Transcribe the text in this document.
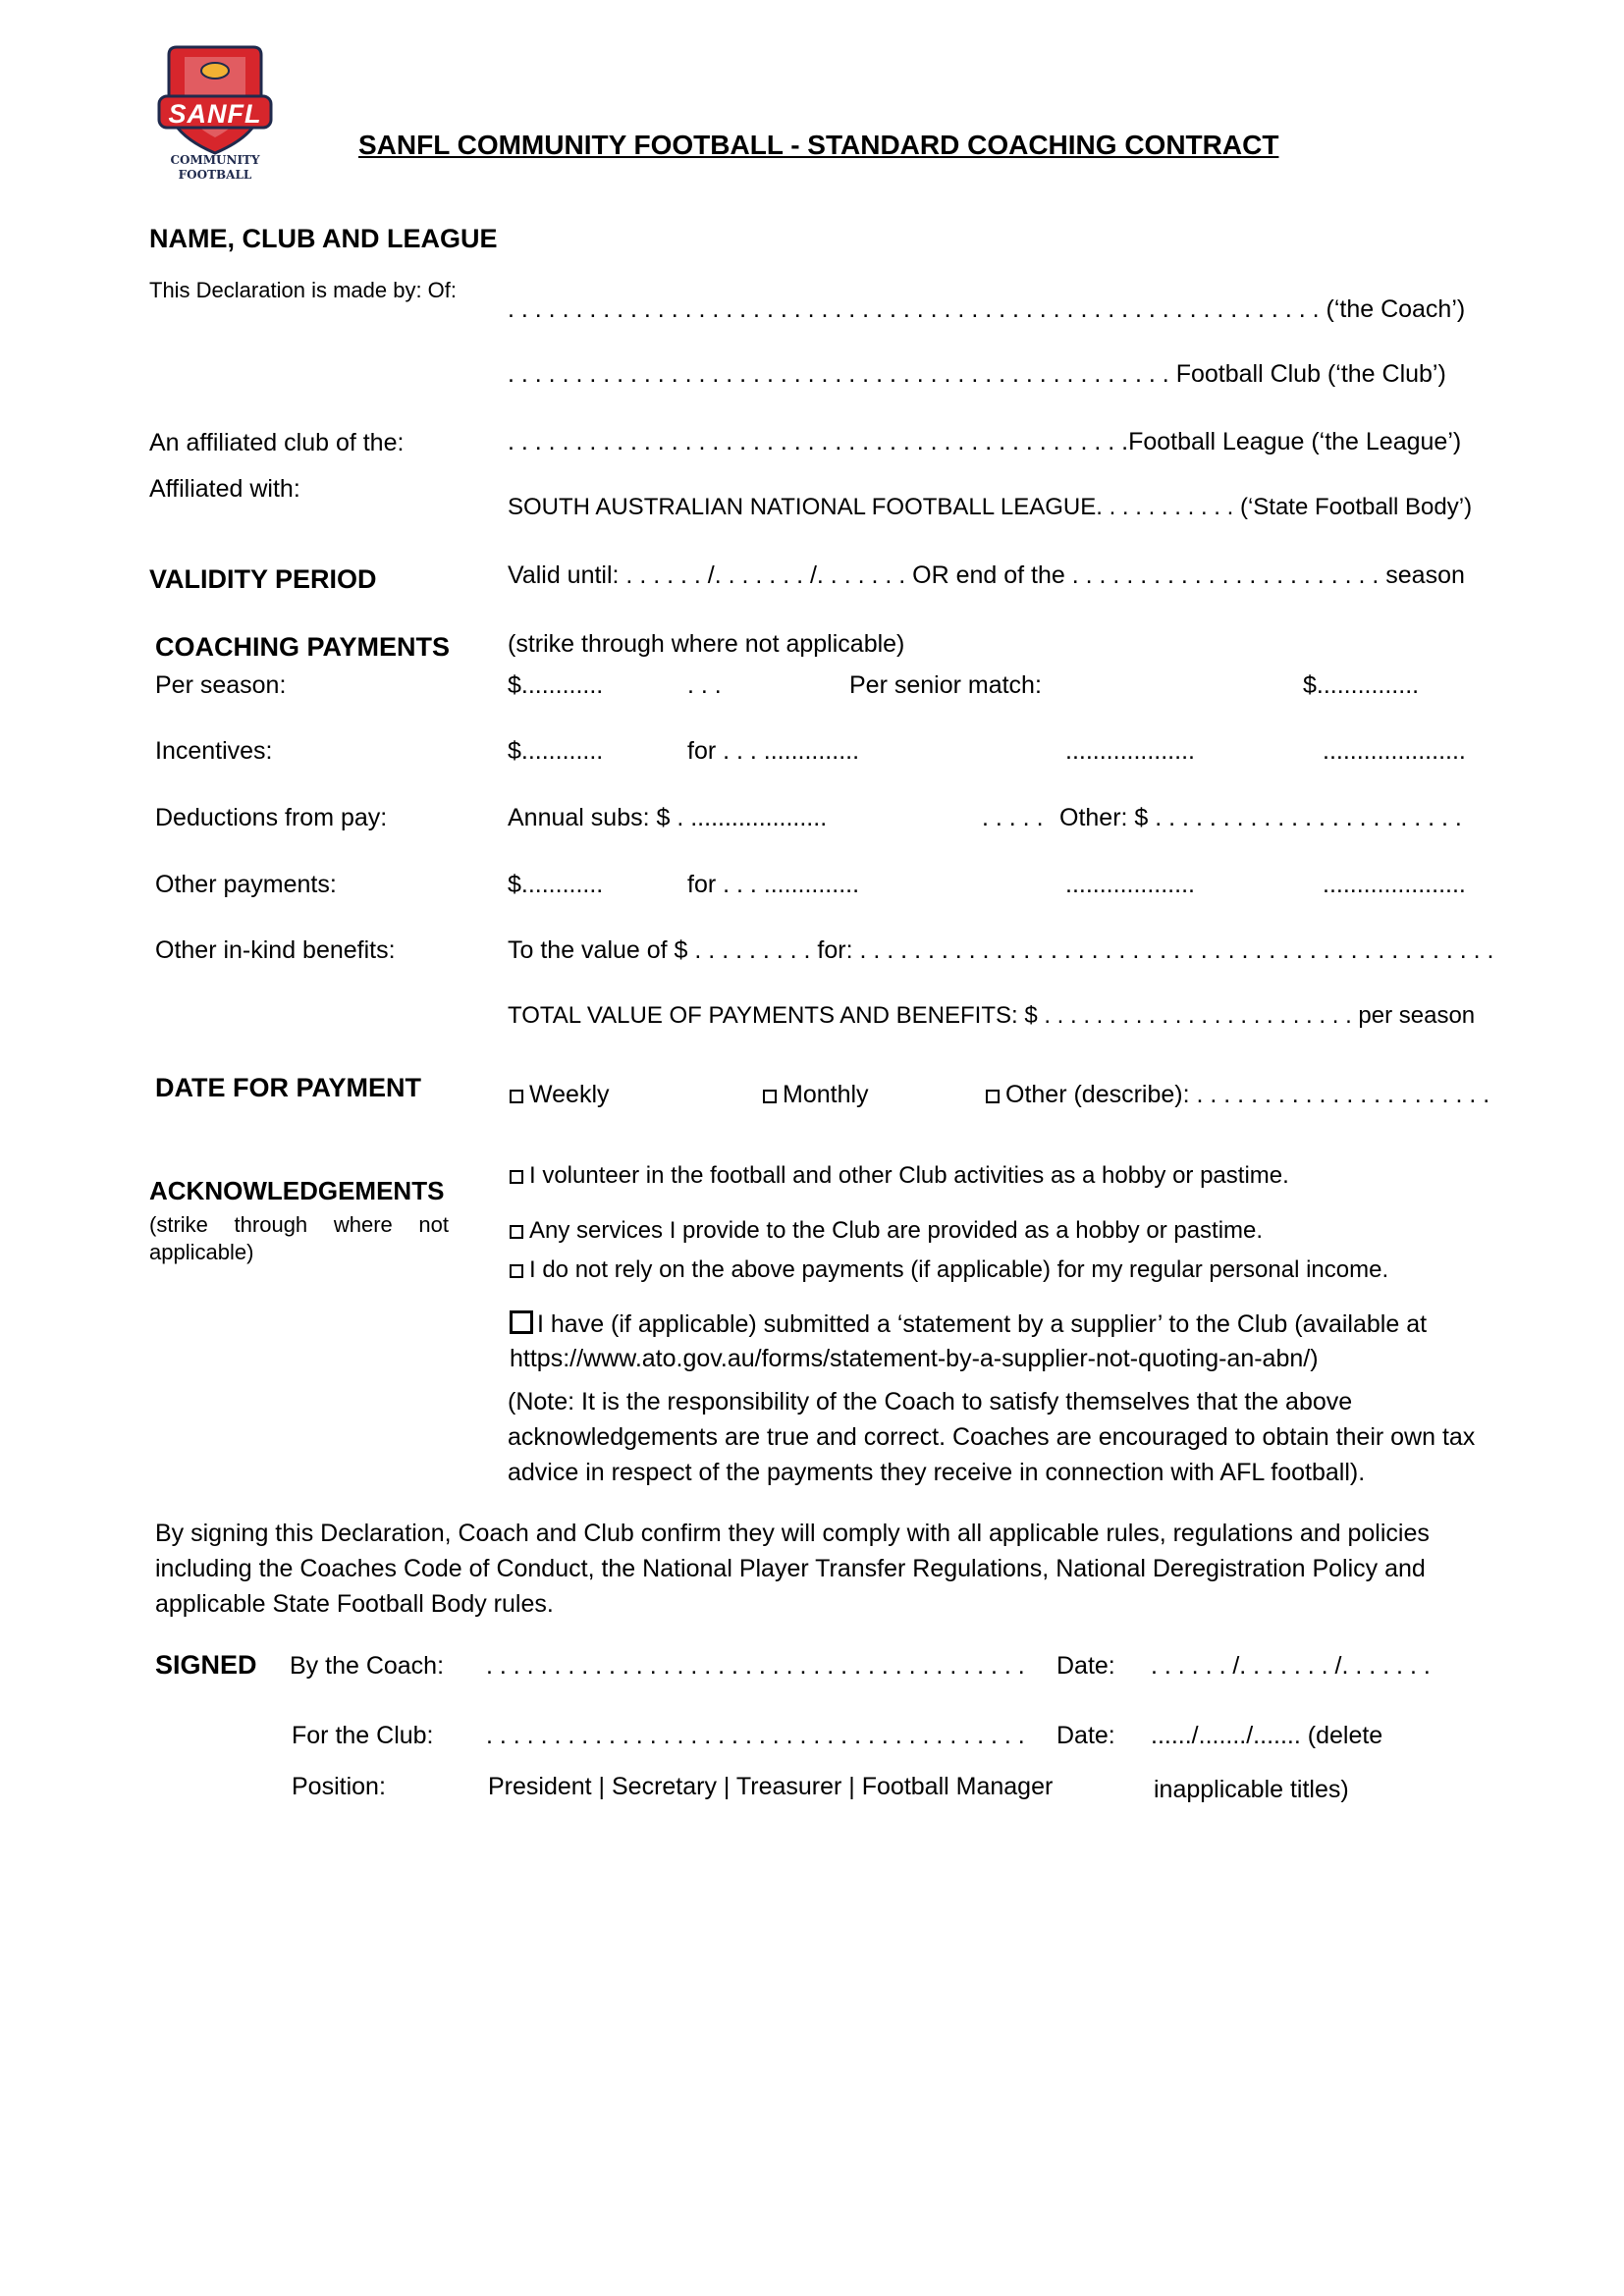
SANFL
COMMUNITY
FOOTBALL
SANFL COMMUNITY FOOTBALL - STANDARD COACHING CONTRACT
NAME, CLUB AND LEAGUE
This Declaration is made by: Of:
. . . . . . . . . . . . . . . . . . . . . . . . . . . . . . . . . . . . . . . . . . . . . . . . . . . . . . . . . . . . (‘the Coach’)
. . . . . . . . . . . . . . . . . . . . . . . . . . . . . . . . . . . . . . . . . . . . . . . . . Football Club (‘the Club’)
An affiliated club of the:	. . . . . . . . . . . . . . . . . . . . . . . . . . . . . . . . . . . . . . . . . . . . . .Football League (‘the League’)
Affiliated with:
SOUTH AUSTRALIAN NATIONAL FOOTBALL LEAGUE. . . . . . . . . . . (‘State Football Body’)
VALIDITY PERIOD	Valid until: . . . . . . /. . . . . . . /. . . . . . . OR end of the . . . . . . . . . . . . . . . . . . . . . . . season
COACHING PAYMENTS (strike through where not applicable)
Per season:	$............	. . .	Per senior match:	$...............
Incentives:	$............	for . . . ..............	...................	.....................
Deductions from pay:	Annual subs: $ . ....................	. . . . . Other: $ . . . . . . . . . . . . . . . . . . . . . . .
Other payments:	$............	for . . . ..............	...................	.....................
Other in-kind benefits:	To the value of $ . . . . . . . . . for: . . . . . . . . . . . . . . . . . . . . . . . . . . . . . . . . . . . . . . . . . . . . . . .
TOTAL VALUE OF PAYMENTS AND BENEFITS: $ . . . . . . . . . . . . . . . . . . . . . . . . per season
DATE FOR PAYMENT	Weekly	Monthly	Other (describe): . . . . . . . . . . . . . . . . . . . . . .
ACKNOWLEDGEMENTS
(strike through where not applicable)
I volunteer in the football and other Club activities as a hobby or pastime.
Any services I provide to the Club are provided as a hobby or pastime.
I do not rely on the above payments (if applicable) for my regular personal income.
I have (if applicable) submitted a ‘statement by a supplier’ to the Club (available at https://www.ato.gov.au/forms/statement-by-a-supplier-not-quoting-an-abn/)
(Note: It is the responsibility of the Coach to satisfy themselves that the above acknowledgements are true and correct. Coaches are encouraged to obtain their own tax advice in respect of the payments they receive in connection with AFL football).
By signing this Declaration, Coach and Club confirm they will comply with all applicable rules, regulations and policies including the Coaches Code of Conduct, the National Player Transfer Regulations, National Deregistration Policy and applicable State Football Body rules.
SIGNED By the Coach: . . . . . . . . . . . . . . . . . . . . . . . . . . . . . . . . . . . . . . . . Date: . . . . . . /. . . . . . . /. . . . . . .
For the Club: . . . . . . . . . . . . . . . . . . . . . . . . . . . . . . . . . . . . . . . . Date: ....../......./....... (delete
Position:	President | Secretary | Treasurer | Football Manager	inapplicable titles)
